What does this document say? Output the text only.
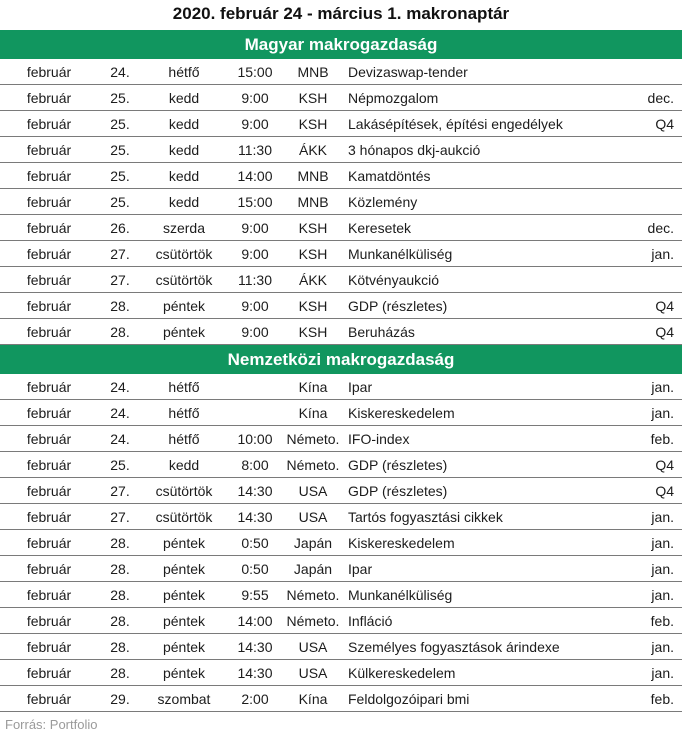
2020. február 24 - március 1. makronaptár
Magyar makrogazdaság
február	24.	hétfő	15:00	MNB	Devizaswap-tender	
február	25.	kedd	9:00	KSH	Népmozgalom	dec.
február	25.	kedd	9:00	KSH	Lakásépítések, építési engedélyek	Q4
február	25.	kedd	11:30	ÁKK	3 hónapos dkj-aukció	
február	25.	kedd	14:00	MNB	Kamatdöntés	
február	25.	kedd	15:00	MNB	Közlemény	
február	26.	szerda	9:00	KSH	Keresetek	dec.
február	27.	csütörtök	9:00	KSH	Munkanélküliség	jan.
február	27.	csütörtök	11:30	ÁKK	Kötvényaukció	
február	28.	péntek	9:00	KSH	GDP (részletes)	Q4
február	28.	péntek	9:00	KSH	Beruházás	Q4
Nemzetközi makrogazdaság
február	24.	hétfő		Kína	Ipar	jan.
február	24.	hétfő		Kína	Kiskereskedelem	jan.
február	24.	hétfő	10:00	Németo.	IFO-index	feb.
február	25.	kedd	8:00	Németo.	GDP (részletes)	Q4
február	27.	csütörtök	14:30	USA	GDP (részletes)	Q4
február	27.	csütörtök	14:30	USA	Tartós fogyasztási cikkek	jan.
február	28.	péntek	0:50	Japán	Kiskereskedelem	jan.
február	28.	péntek	0:50	Japán	Ipar	jan.
február	28.	péntek	9:55	Németo.	Munkanélküliség	jan.
február	28.	péntek	14:00	Németo.	Infláció	feb.
február	28.	péntek	14:30	USA	Személyes fogyasztások árindexe	jan.
február	28.	péntek	14:30	USA	Külkereskedelem	jan.
február	29.	szombat	2:00	Kína	Feldolgozóipari bmi	feb.
Forrás: Portfolio
